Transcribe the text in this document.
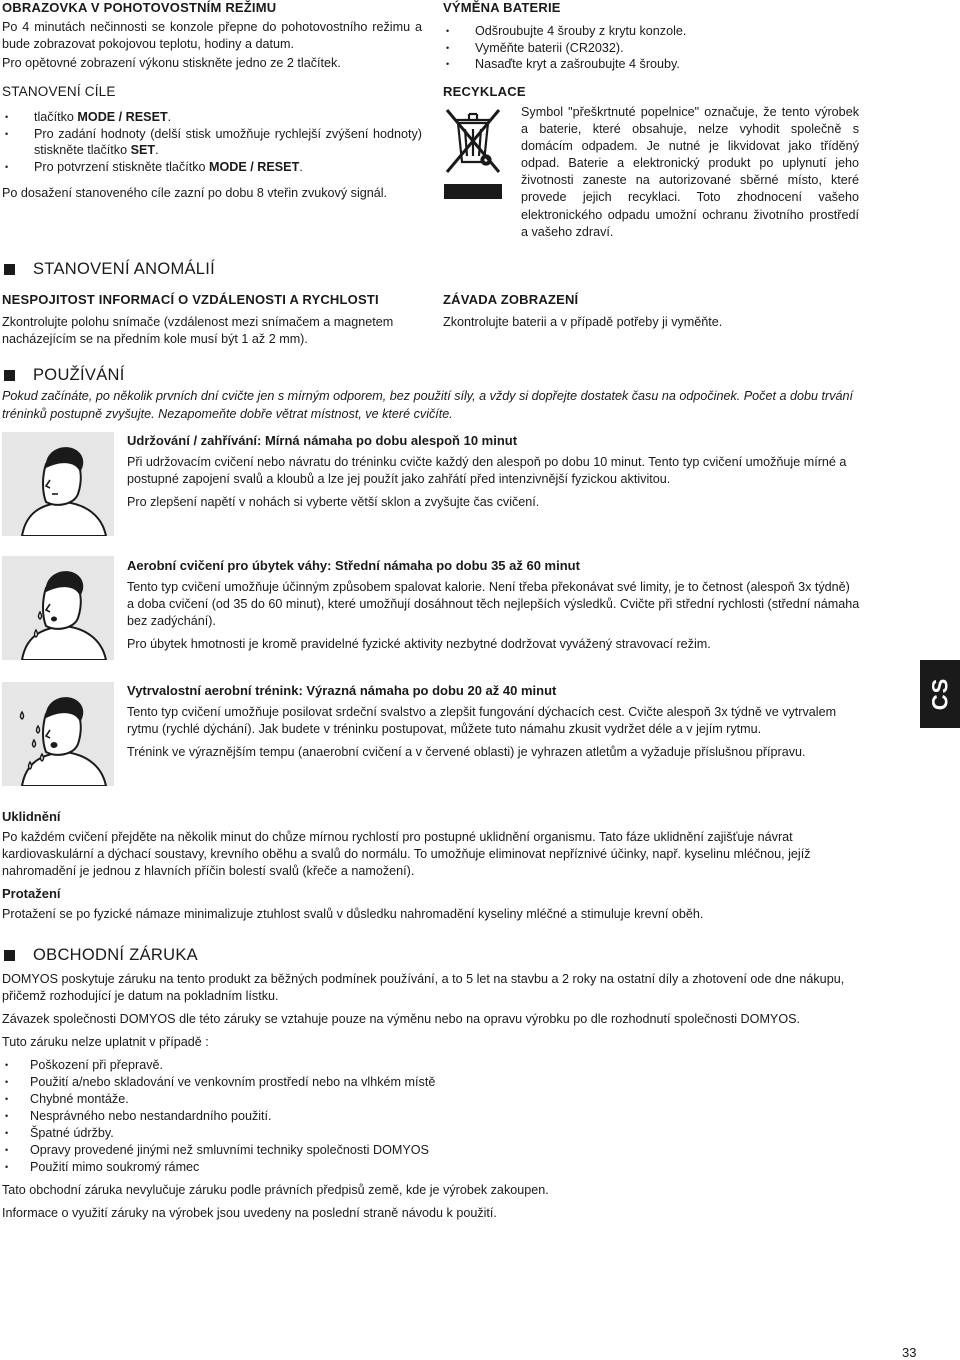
OBRAZOVKA V POHOTOVOSTNÍM REŽIMU
Po 4 minutách nečinnosti se konzole přepne do pohotovostního režimu a bude zobrazovat pokojovou teplotu, hodiny a datum.
Pro opětovné zobrazení výkonu stiskněte jedno ze 2 tlačítek.
STANOVENÍ CÍLE
• tlačítko MODE / RESET.
• Pro zadání hodnoty (delší stisk umožňuje rychlejší zvýšení hodnoty) stiskněte tlačítko SET.
• Pro potvrzení stiskněte tlačítko MODE / RESET.
Po dosažení stanoveného cíle zazní po dobu 8 vteřin zvukový signál.
VÝMĚNA BATERIE
• Odšroubujte 4 šrouby z krytu konzole.
• Vyměňte baterii (CR2032).
• Nasaďte kryt a zašroubujte 4 šrouby.
RECYKLACE
Symbol "přeškrtnuté popelnice" označuje, že tento výrobek a baterie, které obsahuje, nelze vyhodit společně s domácím odpadem. Je nutné je likvidovat jako tříděný odpad. Baterie a elektronický produkt po uplynutí jeho životnosti zaneste na autorizované sběrné místo, které provede jejich recyklaci. Toto zhodnocení vašeho elektronického odpadu umožní ochranu životního prostředí a vašeho zdraví.
STANOVENÍ ANOMÁLIÍ
NESPOJITOST INFORMACÍ O VZDÁLENOSTI A RYCHLOSTI
Zkontrolujte polohu snímače (vzdálenost mezi snímačem a magnetem nacházejícím se na předním kole musí být 1 až 2 mm).
ZÁVADA ZOBRAZENÍ
Zkontrolujte baterii a v případě potřeby ji vyměňte.
POUŽÍVÁNÍ
Pokud začínáte, po několik prvních dní cvičte jen s mírným odporem, bez použití síly, a vždy si dopřejte dostatek času na odpočinek. Počet a dobu trvání tréninků postupně zvyšujte. Nezapomeňte dobře větrat místnost, ve které cvičíte.
Udržování / zahřívání: Mírná námaha po dobu alespoň 10 minut
Při udržovacím cvičení nebo návratu do tréninku cvičte každý den alespoň po dobu 10 minut. Tento typ cvičení umožňuje mírné a postupné zapojení svalů a kloubů a lze jej použít jako zahřátí před intenzivnější fyzickou aktivitou.
Pro zlepšení napětí v nohách si vyberte větší sklon a zvyšujte čas cvičení.
Aerobní cvičení pro úbytek váhy: Střední námaha po dobu 35 až 60 minut
Tento typ cvičení umožňuje účinným způsobem spalovat kalorie. Není třeba překonávat své limity, je to četnost (alespoň 3x týdně) a doba cvičení (od 35 do 60 minut), které umožňují dosáhnout těch nejlepších výsledků. Cvičte při střední rychlosti (střední námaha bez zadýchání).
Pro úbytek hmotnosti je kromě pravidelné fyzické aktivity nezbytné dodržovat vyvážený stravovací režim.
Vytrvalostní aerobní trénink: Výrazná námaha po dobu 20 až 40 minut
Tento typ cvičení umožňuje posilovat srdeční svalstvo a zlepšit fungování dýchacích cest. Cvičte alespoň 3x týdně ve vytrvalem rytmu (rychlé dýchání). Jak budete v tréninku postupovat, můžete tuto námahu zkusit vydržet déle a v jejím rytmu.
Trénink ve výraznějším tempu (anaerobní cvičení a v červené oblasti) je vyhrazen atletům a vyžaduje příslušnou přípravu.
Uklidnění
Po každém cvičení přejděte na několik minut do chůze mírnou rychlostí pro postupné uklidnění organismu. Tato fáze uklidnění zajišťuje návrat kardiovaskulární a dýchací soustavy, krevního oběhu a svalů do normálu. To umožňuje eliminovat nepříznivé účinky, např. kyselinu mléčnou, jejíž nahromadění je jednou z hlavních příčin bolestí svalů (křeče a namožení).
Protažení
Protažení se po fyzické námaze minimalizuje ztuhlost svalů v důsledku nahromadění kyseliny mléčné a stimuluje krevní oběh.
OBCHODNÍ ZÁRUKA
DOMYOS poskytuje záruku na tento produkt za běžných podmínek používání, a to 5 let na stavbu a 2 roky na ostatní díly a zhotovení ode dne nákupu, přičemž rozhodující je datum na pokladním lístku.
Závazek společnosti DOMYOS dle této záruky se vztahuje pouze na výměnu nebo na opravu výrobku po dle rozhodnutí společnosti DOMYOS.
Tuto záruku nelze uplatnit v případě :
• Poškození při přepravě.
• Použití a/nebo skladování ve venkovním prostředí nebo na vlhkém místě
• Chybné montáže.
• Nesprávného nebo nestandardního použití.
• Špatné údržby.
• Opravy provedené jinými než smluvními techniky společnosti DOMYOS
• Použití mimo soukromý rámec
Tato obchodní záruka nevylučuje záruku podle právních předpisů země, kde je výrobek zakoupen.
Informace o využití záruky na výrobek jsou uvedeny na poslední straně návodu k použití.
CS
33
